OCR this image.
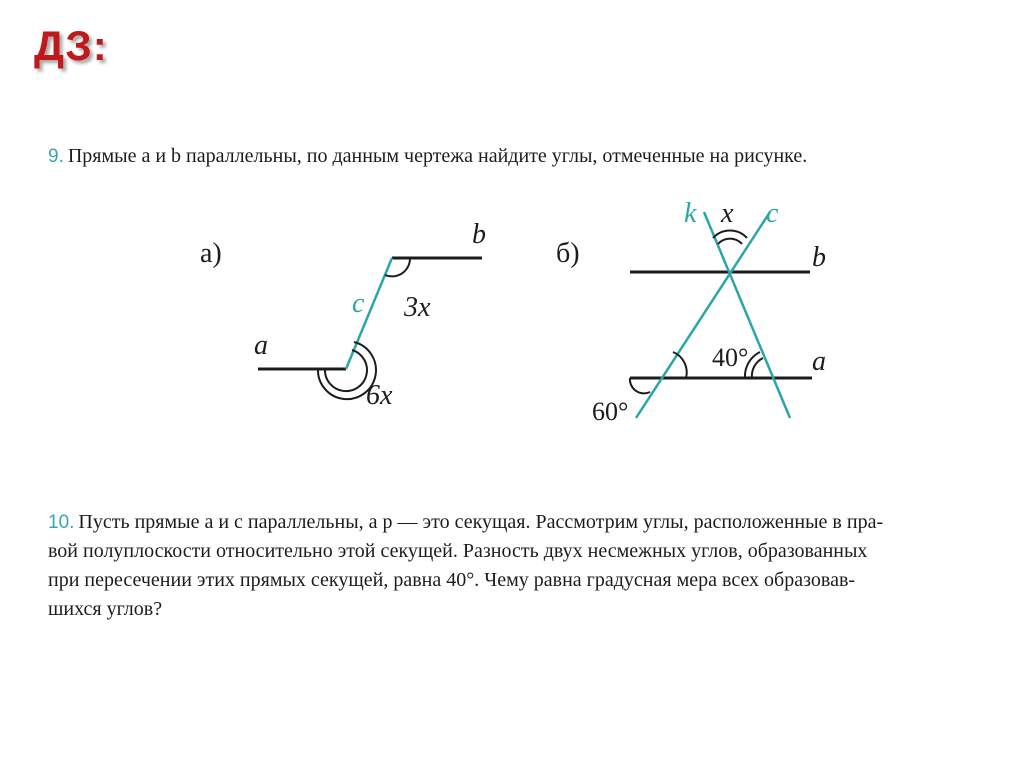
ДЗ:
9. Прямые a и b параллельны, по данным чертежа найдите углы, отмеченные на рисунке.
а)
b
a
c 3x
6x
б)
k x c
b
a
40°
60°
10. Пусть прямые a и c параллельны, а p — это секущая. Рассмотрим углы, расположенные в пра-
вой полуплоскости относительно этой секущей. Разность двух несмежных углов, образованных
при пересечении этих прямых секущей, равна 40°. Чему равна градусная мера всех образовав-
шихся углов?
